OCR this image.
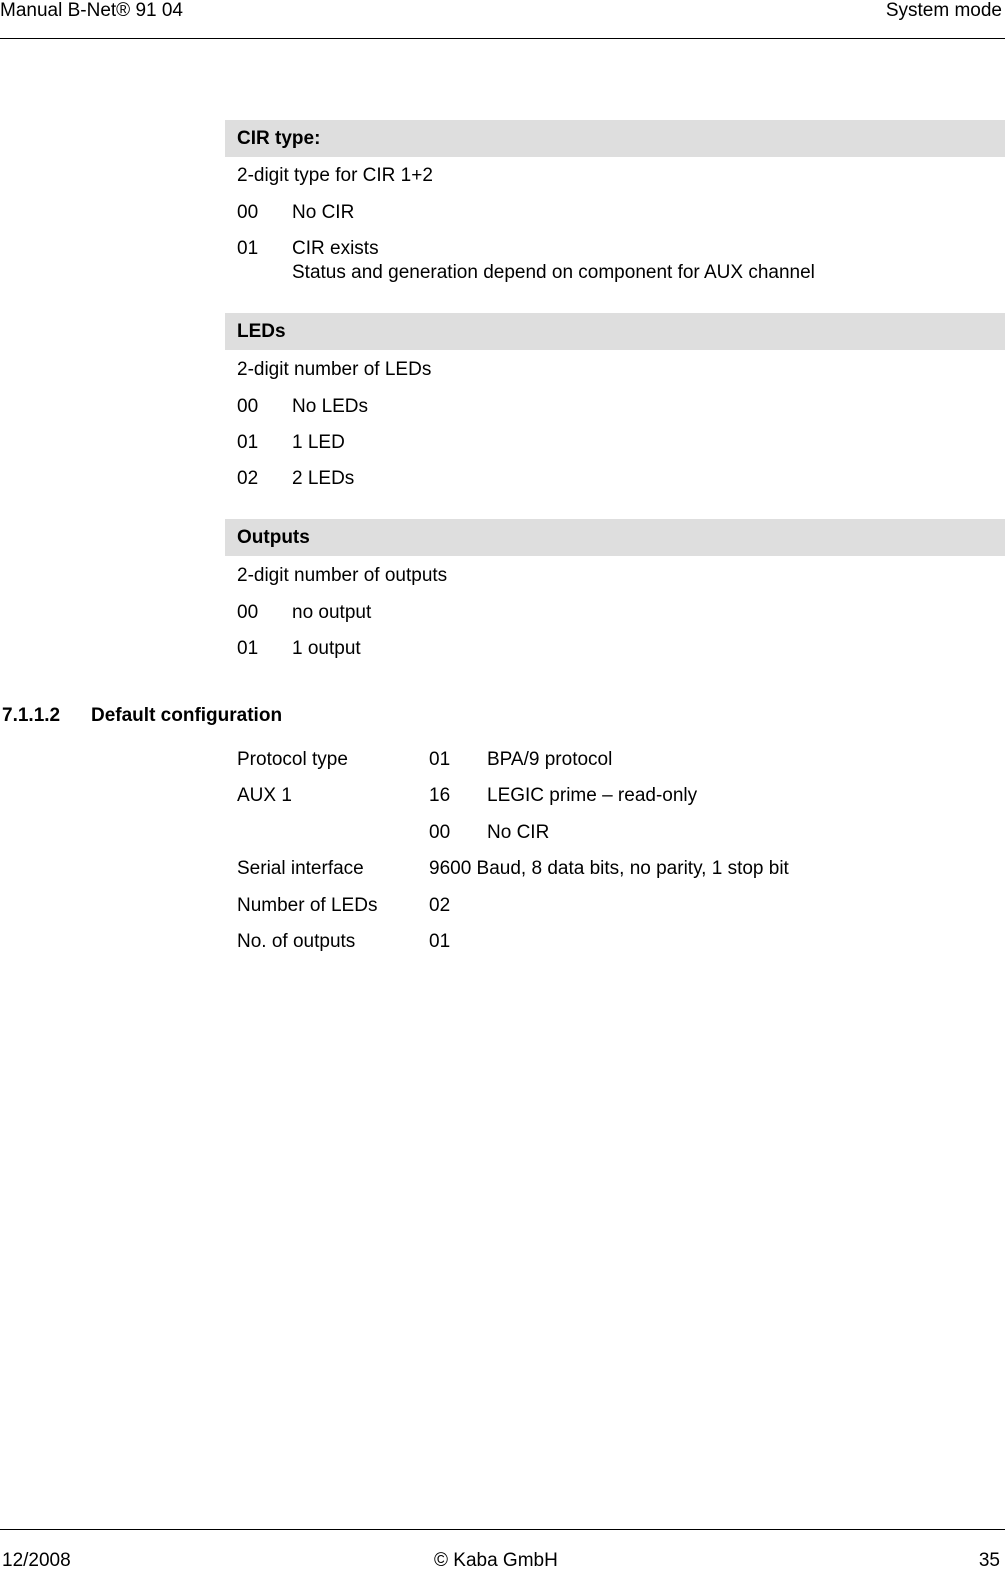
Manual B-Net® 91 04	System mode
CIR type:
2-digit type for CIR 1+2
00 No CIR
01 CIR exists
Status and generation depend on component for AUX channel
LEDs
2-digit number of LEDs
00 No LEDs
01 1 LED
02 2 LEDs
Outputs
2-digit number of outputs
00 no output
01 1 output
7.1.1.2 Default configuration
Protocol type	01 BPA/9 protocol
AUX 1	16 LEGIC prime – read-only
00 No CIR
Serial interface	9600 Baud, 8 data bits, no parity, 1 stop bit
Number of LEDs	02
No. of outputs	01
12/2008	© Kaba GmbH	35
